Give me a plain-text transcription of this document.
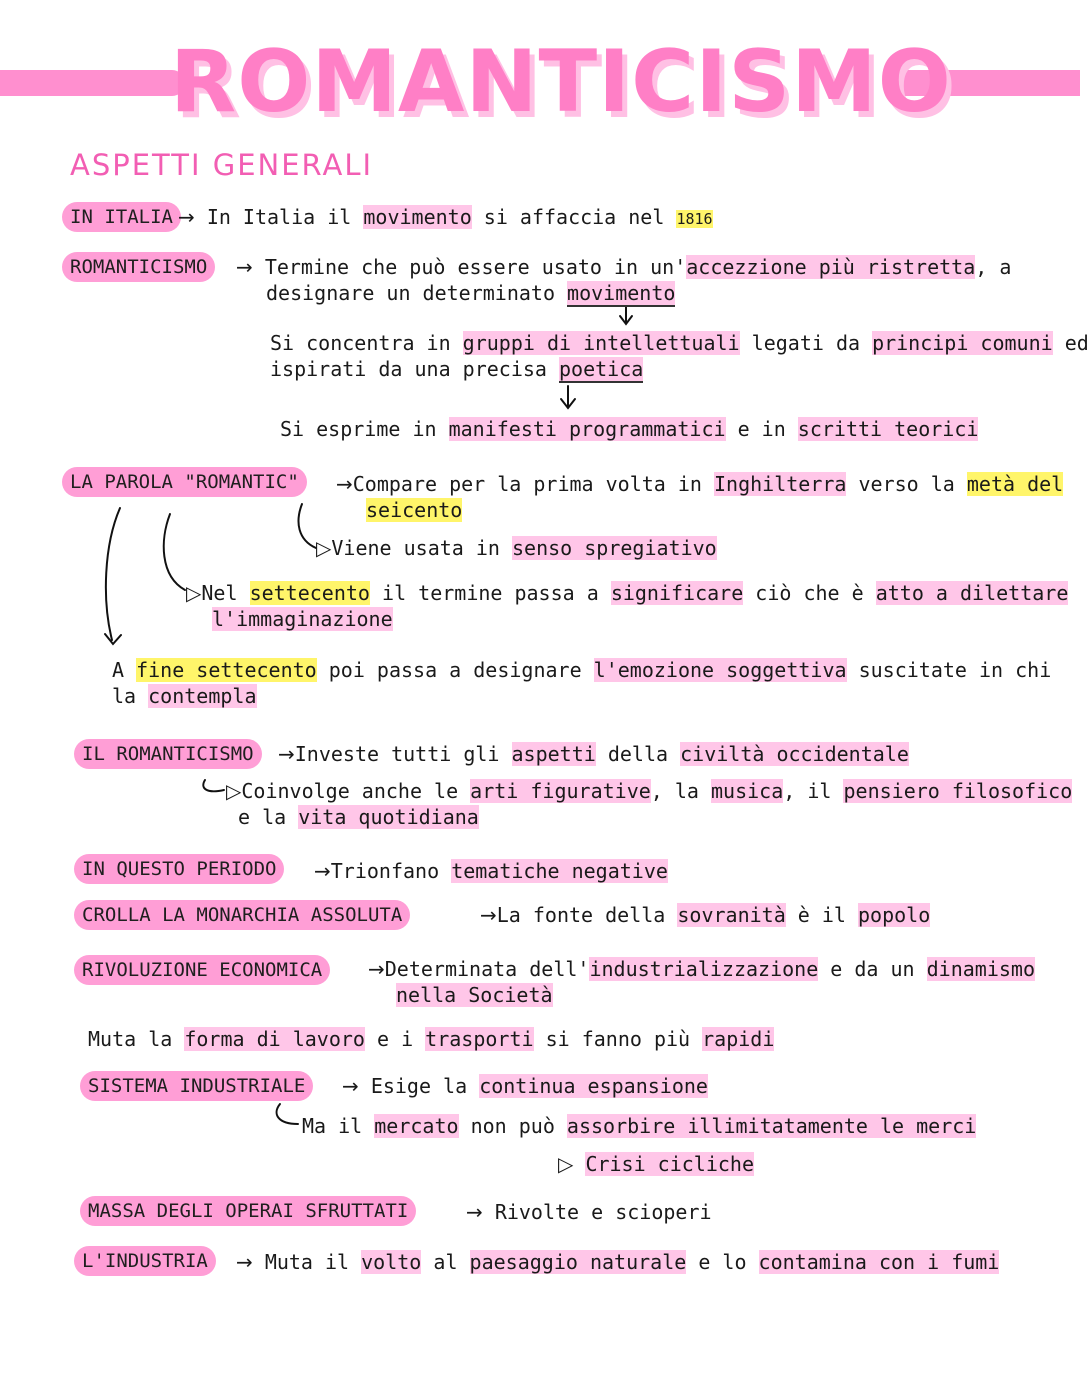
ROMANTICISMO
ASPETTI GENERALI
IN ITALIA → In Italia il movimento si affaccia nel 1816
ROMANTICISMO	→ Termine che può essere usato in un'accezzione più ristretta, a
designare un determinato movimento
Si concentra in gruppi di intellettuali legati da principi comuni ed
ispirati da una precisa poetica
Si esprime in manifesti programmatici e in scritti teorici
LA PAROLA "ROMANTIC"	→Compare per la prima volta in Inghilterra verso la metà del
seicento
▷Viene usata in senso spregiativo
▷Nel settecento il termine passa a significare ciò che è atto a dilettare
l'immaginazione
A fine settecento poi passa a designare l'emozione soggettiva suscitate in chi
la contempla
IL ROMANTICISMO	→Investe tutti gli aspetti della civiltà occidentale
▷Coinvolge anche le arti figurative, la musica, il pensiero filosofico
e la vita quotidiana
IN QUESTO PERIODO	→Trionfano tematiche negative
CROLLA LA MONARCHIA ASSOLUTA	→La fonte della sovranità è il popolo
RIVOLUZIONE ECONOMICA	→Determinata dell'industrializzazione e da un dinamismo
nella Società
Muta la forma di lavoro e i trasporti si fanno più rapidi
SISTEMA INDUSTRIALE	→ Esige la continua espansione
Ma il mercato non può assorbire illimitatamente le merci
▷ Crisi cicliche
MASSA DEGLI OPERAI SFRUTTATI	→ Rivolte e scioperi
L'INDUSTRIA	→ Muta il volto al paesaggio naturale e lo contamina con i fumi
